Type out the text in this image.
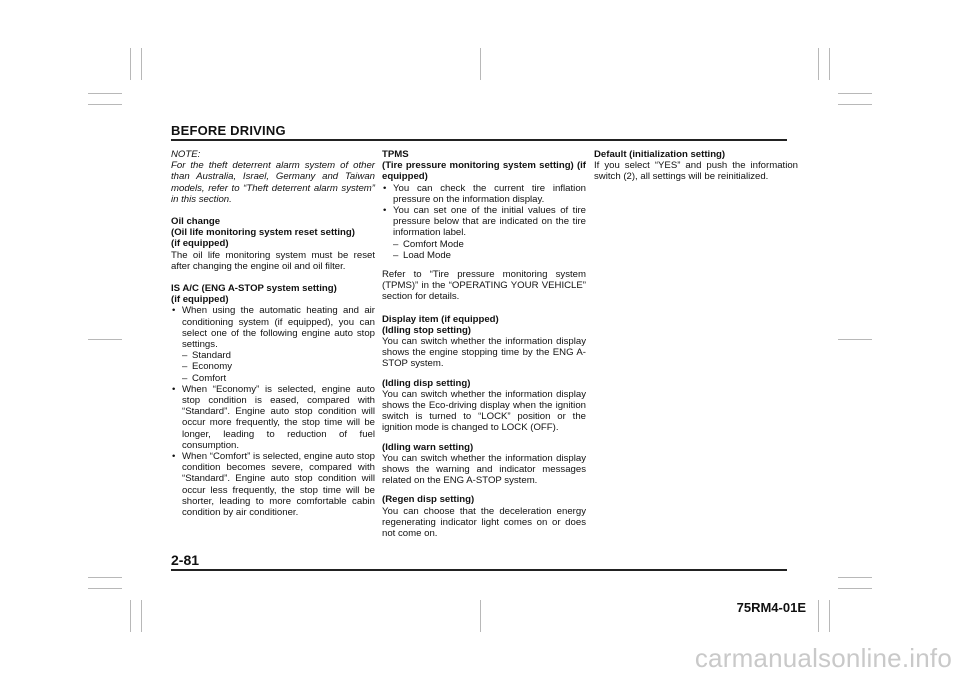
BEFORE DRIVING

NOTE:
For the theft deterrent alarm system of other than Australia, Israel, Germany and Taiwan models, refer to “Theft deterrent alarm system” in this section.

Oil change
(Oil life monitoring system reset setting)
(if equipped)

The oil life monitoring system must be reset after changing the engine oil and oil filter.

IS A/C (ENG A-STOP system setting)
(if equipped)

• When using the automatic heating and air conditioning system (if equipped), you can select one of the following engine auto stop settings.
– Standard
– Economy
– Comfort
• When “Economy” is selected, engine auto stop condition is eased, compared with “Standard”. Engine auto stop condition will occur more frequently, the stop time will be longer, leading to reduction of fuel consumption.
• When “Comfort” is selected, engine auto stop condition becomes severe, compared with “Standard”. Engine auto stop condition will occur less frequently, the stop time will be shorter, leading to more comfortable cabin condition by air conditioner.

TPMS
(Tire pressure monitoring system setting) (if equipped)

• You can check the current tire inflation pressure on the information display.
• You can set one of the initial values of tire pressure below that are indicated on the tire information label.
– Comfort Mode
– Load Mode

Refer to “Tire pressure monitoring system (TPMS)” in the “OPERATING YOUR VEHICLE” section for details.

Display item (if equipped)
(Idling stop setting)

You can switch whether the information display shows the engine stopping time by the ENG A-STOP system.

(Idling disp setting)

You can switch whether the information display shows the Eco-driving display when the ignition switch is turned to “LOCK” position or the ignition mode is changed to LOCK (OFF).

(Idling warn setting)

You can switch whether the information display shows the warning and indicator messages related on the ENG A-STOP system.

(Regen disp setting)

You can choose that the deceleration energy regenerating indicator light comes on or does not come on.

Default (initialization setting)

If you select “YES” and push the information switch (2), all settings will be reinitialized.

2-81
75RM4-01E
carmanualsonline.info
